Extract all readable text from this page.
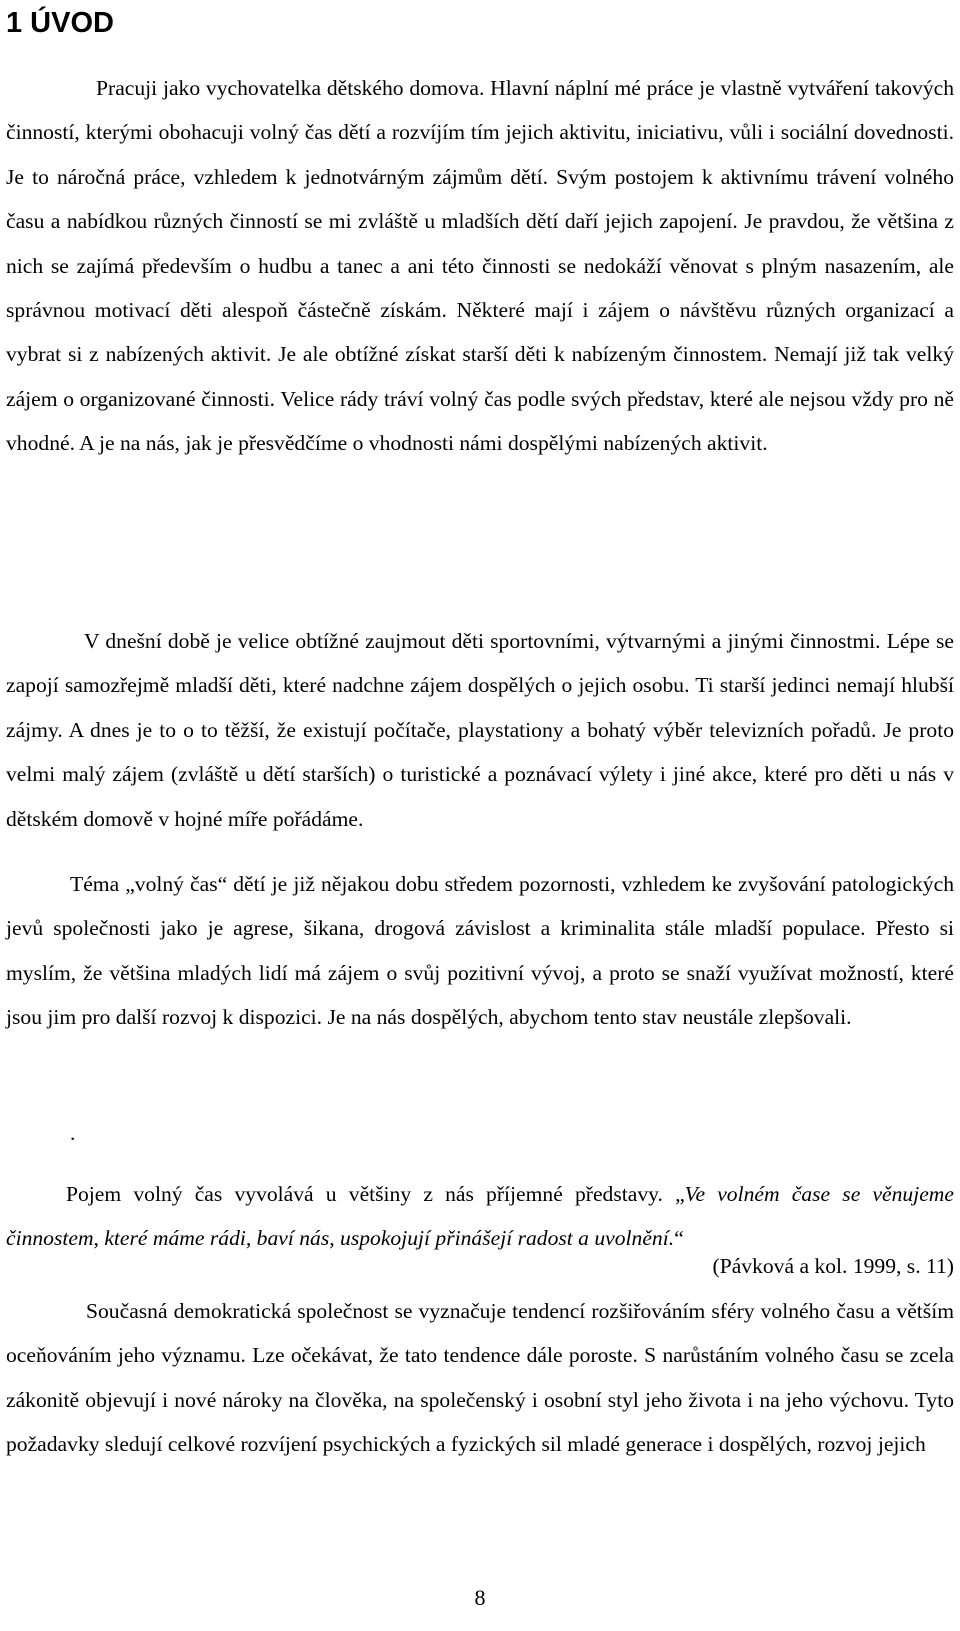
1 ÚVOD

Pracuji jako vychovatelka dětského domova. Hlavní náplní mé práce je vlastně vytváření takových činností, kterými obohacuji volný čas dětí a rozvíjím tím jejich aktivitu, iniciativu, vůli i sociální dovednosti. Je to náročná práce, vzhledem k jednotvárným zájmům dětí. Svým postojem k aktivnímu trávení volného času a nabídkou různých činností se mi zvláště u mladších dětí daří jejich zapojení. Je pravdou, že většina z nich se zajímá především o hudbu a tanec a ani této činnosti se nedokáží věnovat s plným nasazením, ale správnou motivací děti alespoň částečně získám. Některé mají i zájem o návštěvu různých organizací a vybrat si z nabízených aktivit. Je ale obtížné získat starší děti k nabízeným činnostem. Nemají již tak velký zájem o organizované činnosti. Velice rády tráví volný čas podle svých představ, které ale nejsou vždy pro ně vhodné. A je na nás, jak je přesvědčíme o vhodnosti námi dospělými nabízených aktivit.

V dnešní době je velice obtížné zaujmout děti sportovními, výtvarnými a jinými činnostmi. Lépe se zapojí samozřejmě mladší děti, které nadchne zájem dospělých o jejich osobu. Ti starší jedinci nemají hlubší zájmy. A dnes je to o to těžší, že existují počítače, playstationy a bohatý výběr televizních pořadů. Je proto velmi malý zájem (zvláště u dětí starších) o turistické a poznávací výlety i jiné akce, které pro děti u nás v dětském domově v hojné míře pořádáme.

Téma „volný čas“ dětí je již nějakou dobu středem pozornosti, vzhledem ke zvyšování patologických jevů společnosti jako je agrese, šikana, drogová závislost a kriminalita stále mladší populace. Přesto si myslím, že většina mladých lidí má zájem o svůj pozitivní vývoj, a proto se snaží využívat možností, které jsou jim pro další rozvoj k dispozici. Je na nás dospělých, abychom tento stav neustále zlepšovali.

.

Pojem volný čas vyvolává u většiny z nás příjemné představy. „Ve volném čase se věnujeme činnostem, které máme rádi, baví nás, uspokojují přinášejí radost a uvolnění.“

(Pávková a kol. 1999, s. 11)

Současná demokratická společnost se vyznačuje tendencí rozšiřováním sféry volného času a větším oceňováním jeho významu. Lze očekávat, že tato tendence dále poroste. S narůstáním volného času se zcela zákonitě objevují i nové nároky na člověka, na společenský i osobní styl jeho života i na jeho výchovu. Tyto požadavky sledují celkové rozvíjení psychických a fyzických sil mladé generace i dospělých, rozvoj jejich

8
